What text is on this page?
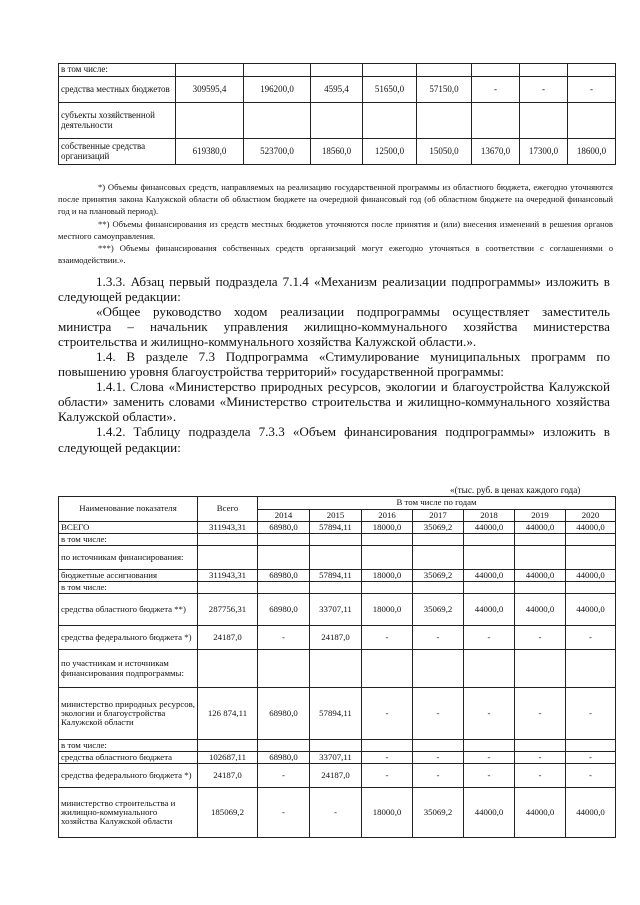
в том числе:								
средства местных бюджетов	309595,4	196200,0	4595,4	51650,0	57150,0	-	-	-
субъекты хозяйственной деятельности								
собственные средства организаций	619380,0	523700,0	18560,0	12500,0	15050,0	13670,0	17300,0	18600,0

*) Объемы финансовых средств, направляемых на реализацию государственной программы из областного бюджета, ежегодно уточняются после принятия закона Калужской области об областном бюджете на очередной финансовый год (об областном бюджете на очередной финансовый год и на плановый период).

**) Объемы финансирования из средств местных бюджетов уточняются после принятия и (или) внесения изменений в решения органов местного самоуправления.

***) Объемы финансирования собственных средств организаций могут ежегодно уточняться в соответствии с соглашениями о взаимодействии.».

1.3.3. Абзац первый подраздела 7.1.4 «Механизм реализации подпрограммы» изложить в следующей редакции:

«Общее руководство ходом реализации подпрограммы осуществляет заместитель министра – начальник управления жилищно-коммунального хозяйства министерства строительства и жилищно-коммунального хозяйства Калужской области.».

1.4. В разделе 7.3 Подпрограмма «Стимулирование муниципальных программ по повышению уровня благоустройства территорий» государственной программы:

1.4.1. Слова «Министерство природных ресурсов, экологии и благоустройства Калужской области» заменить словами «Министерство строительства и жилищно-коммунального хозяйства Калужской области».

1.4.2. Таблицу подраздела 7.3.3 «Объем финансирования подпрограммы» изложить в следующей редакции:

«(тыс. руб. в ценах каждого года)
Наименование показателя	Всего	В том числе по годам						
		2014	2015	2016	2017	2018	2019	2020
ВСЕГО	311943,31	68980,0	57894,11	18000,0	35069,2	44000,0	44000,0	44000,0
в том числе:								
по источникам финансирования:								
бюджетные ассигнования	311943,31	68980,0	57894,11	18000,0	35069,2	44000,0	44000,0	44000,0
в том числе:								
средства областного бюджета **)	287756,31	68980,0	33707,11	18000,0	35069,2	44000,0	44000,0	44000,0
средства федерального бюджета *)	24187,0	-	24187,0	-	-	-	-	-
по участникам и источникам финансирования подпрограммы:								
министерство природных ресурсов, экологии и благоустройства Калужской области	126 874,11	68980,0	57894,11	-	-	-	-	-
в том числе:								
средства областного бюджета	102687,11	68980,0	33707,11	-	-	-	-	-
средства федерального бюджета *)	24187,0	-	24187,0	-	-	-	-	-
министерство строительства и жилищно-коммунального хозяйства Калужской области	185069,2	-	-	18000,0	35069,2	44000,0	44000,0	44000,0
